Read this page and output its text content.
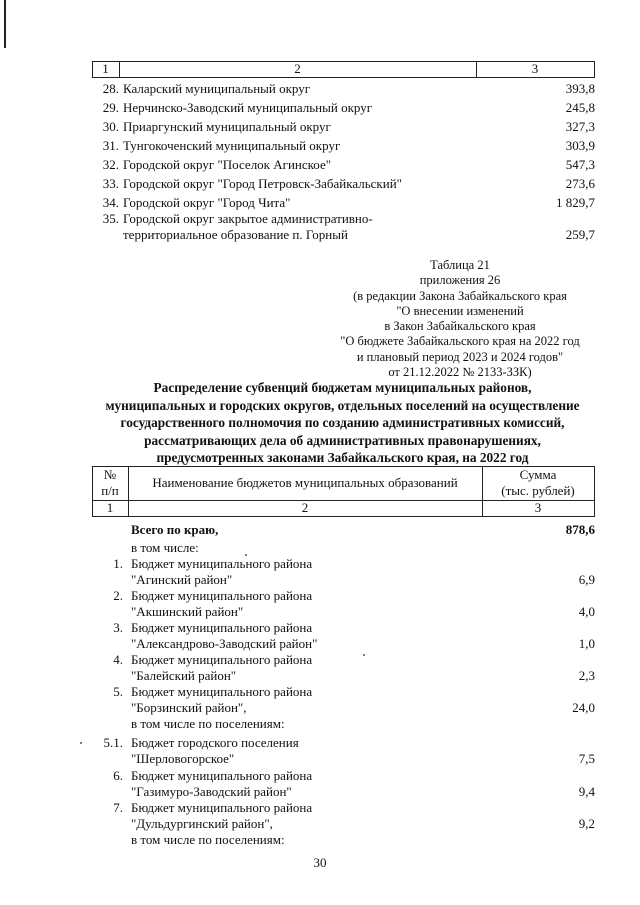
1	2	3
28. Каларский муниципальный округ	393,8
29. Нерчинско-Заводский муниципальный округ	245,8
30. Приаргунский муниципальный округ	327,3
31. Тунгокоченский муниципальный округ	303,9
32. Городской округ "Поселок Агинское"	547,3
33. Городской округ "Город Петровск-Забайкальский"	273,6
34. Городской округ "Город Чита"	1 829,7
35. Городской округ закрытое административно-
территориальное образование п. Горный	259,7
Таблица 21
приложения 26
(в редакции Закона Забайкальского края
"О внесении изменений
в Закон Забайкальского края
"О бюджете Забайкальского края на 2022 год
и плановый период 2023 и 2024 годов"
от 21.12.2022 № 2133-ЗЗК)
Распределение субвенций бюджетам муниципальных районов,
муниципальных и городских округов, отдельных поселений на осуществление
государственного полномочия по созданию административных комиссий,
рассматривающих дела об административных правонарушениях,
предусмотренных законами Забайкальского края, на 2022 год
№
п/п
Наименование бюджетов муниципальных образований
Сумма
(тыс. рублей)
1	2	3
Всего по краю,	878,6
в том числе:
1. Бюджет муниципального района
"Агинский район"	6,9
2. Бюджет муниципального района
"Акшинский район"	4,0
3. Бюджет муниципального района
"Александрово-Заводский район"	1,0
4. Бюджет муниципального района
"Балейский район"	2,3
5. Бюджет муниципального района
"Борзинский район",	24,0
в том числе по поселениям:
5.1. Бюджет городского поселения
"Шерловогорское"	7,5
6. Бюджет муниципального района
"Газимуро-Заводский район"	9,4
7. Бюджет муниципального района
"Дульдургинский район",	9,2
в том числе по поселениям:
30
